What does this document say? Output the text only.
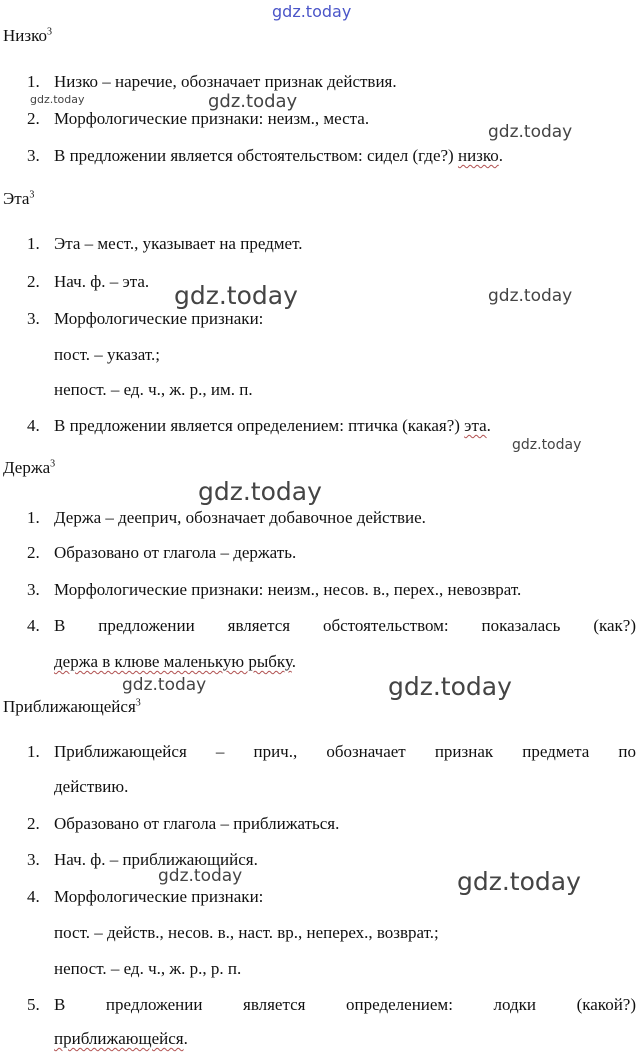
gdz.today
gdz.today	gdz.today
gdz.today
gdz.today	gdz.today
gdz.today
gdz.today
gdz.today	gdz.today
gdz.today	gdz.today
Низко$^3$
1. Низко – наречие, обозначает признак действия.
2. Морфологические признаки: неизм., места.
3. В предложении является обстоятельством: сидел (где?) низко.
Эта$^3$
1. Эта – мест., указывает на предмет.
2. Нач. ф. – эта.
3. Морфологические признаки:
пост. – указат.;
непост. – ед. ч., ж. р., им. п.
4. В предложении является определением: птичка (какая?) эта.
Держа$^3$
1. Держа – дееприч, обозначает добавочное действие.
2. Образовано от глагола – держать.
3. Морфологические признаки: неизм., несов. в., перех., невозврат.
4. В предложении является обстоятельством: показалась (как?)
держа в клюве маленькую рыбку.
Приближающейся$^3$
1. Приближающейся – прич., обозначает признак предмета по
действию.
2. Образовано от глагола – приближаться.
3. Нач. ф. – приближающийся.
4. Морфологические признаки:
пост. – действ., несов. в., наст. вр., неперех., возврат.;
непост. – ед. ч., ж. р., р. п.
5. В предложении является определением: лодки (какой?)
приближающейся.
